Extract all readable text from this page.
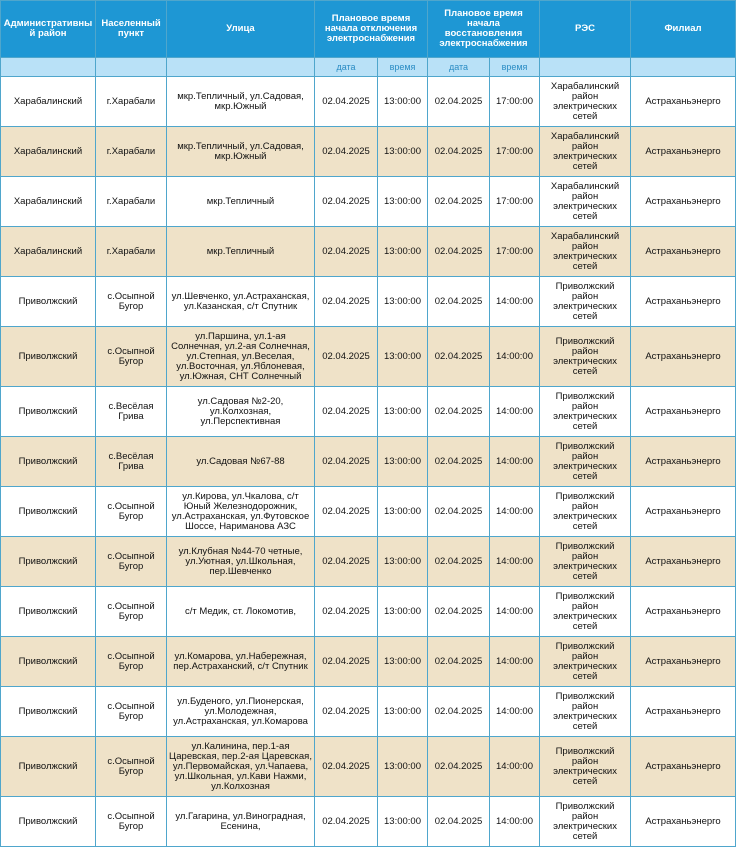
Административный район	Населенный пункт	Улица	Плановое время начала отключения электроснабжения		Плановое время начала восстановления электроснабжения		РЭС	Филиал
			дата	время	дата	время		
Харабалинский	г.Харабали	мкр.Тепличный, ул.Садовая, мкр.Южный	02.04.2025	13:00:00	02.04.2025	17:00:00	Харабалинский район электрических сетей	Астраханьэнерго
Харабалинский	г.Харабали	мкр.Тепличный, ул.Садовая, мкр.Южный	02.04.2025	13:00:00	02.04.2025	17:00:00	Харабалинский район электрических сетей	Астраханьэнерго
Харабалинский	г.Харабали	мкр.Тепличный	02.04.2025	13:00:00	02.04.2025	17:00:00	Харабалинский район электрических сетей	Астраханьэнерго
Харабалинский	г.Харабали	мкр.Тепличный	02.04.2025	13:00:00	02.04.2025	17:00:00	Харабалинский район электрических сетей	Астраханьэнерго
Приволжский	с.Осыпной Бугор	ул.Шевченко, ул.Астраханская, ул.Казанская, с/т Спутник	02.04.2025	13:00:00	02.04.2025	14:00:00	Приволжский район электрических сетей	Астраханьэнерго
Приволжский	с.Осыпной Бугор	ул.Паршина, ул.1-ая Солнечная, ул.2-ая Солнечная, ул.Степная, ул.Веселая, ул.Восточная, ул.Яблоневая, ул.Южная, СНТ Солнечный	02.04.2025	13:00:00	02.04.2025	14:00:00	Приволжский район электрических сетей	Астраханьэнерго
Приволжский	с.Весёлая Грива	ул.Садовая №2-20, ул.Колхозная, ул.Перспективная	02.04.2025	13:00:00	02.04.2025	14:00:00	Приволжский район электрических сетей	Астраханьэнерго
Приволжский	с.Весёлая Грива	ул.Садовая №67-88	02.04.2025	13:00:00	02.04.2025	14:00:00	Приволжский район электрических сетей	Астраханьэнерго
Приволжский	с.Осыпной Бугор	ул.Кирова, ул.Чкалова, с/т Юный Железнодорожник, ул.Астраханская, ул.Футовское Шоссе, Нариманова АЗС	02.04.2025	13:00:00	02.04.2025	14:00:00	Приволжский район электрических сетей	Астраханьэнерго
Приволжский	с.Осыпной Бугор	ул.Клубная №44-70 четные, ул.Уютная, ул.Школьная, пер.Шевченко	02.04.2025	13:00:00	02.04.2025	14:00:00	Приволжский район электрических сетей	Астраханьэнерго
Приволжский	с.Осыпной Бугор	с/т Медик, ст. Локомотив,	02.04.2025	13:00:00	02.04.2025	14:00:00	Приволжский район электрических сетей	Астраханьэнерго
Приволжский	с.Осыпной Бугор	ул.Комарова, ул.Набережная, пер.Астраханский, с/т Спутник	02.04.2025	13:00:00	02.04.2025	14:00:00	Приволжский район электрических сетей	Астраханьэнерго
Приволжский	с.Осыпной Бугор	ул.Буденого, ул.Пионерская, ул.Молодежная, ул.Астраханская, ул.Комарова	02.04.2025	13:00:00	02.04.2025	14:00:00	Приволжский район электрических сетей	Астраханьэнерго
Приволжский	с.Осыпной Бугор	ул.Калинина, пер.1-ая Царевская, пер.2-ая Царевская, ул.Первомайская, ул.Чапаева, ул.Школьная, ул.Кави Нажми, ул.Колхозная	02.04.2025	13:00:00	02.04.2025	14:00:00	Приволжский район электрических сетей	Астраханьэнерго
Приволжский	с.Осыпной Бугор	ул.Гагарина, ул.Виноградная, Есенина,	02.04.2025	13:00:00	02.04.2025	14:00:00	Приволжский район электрических сетей	Астраханьэнерго
